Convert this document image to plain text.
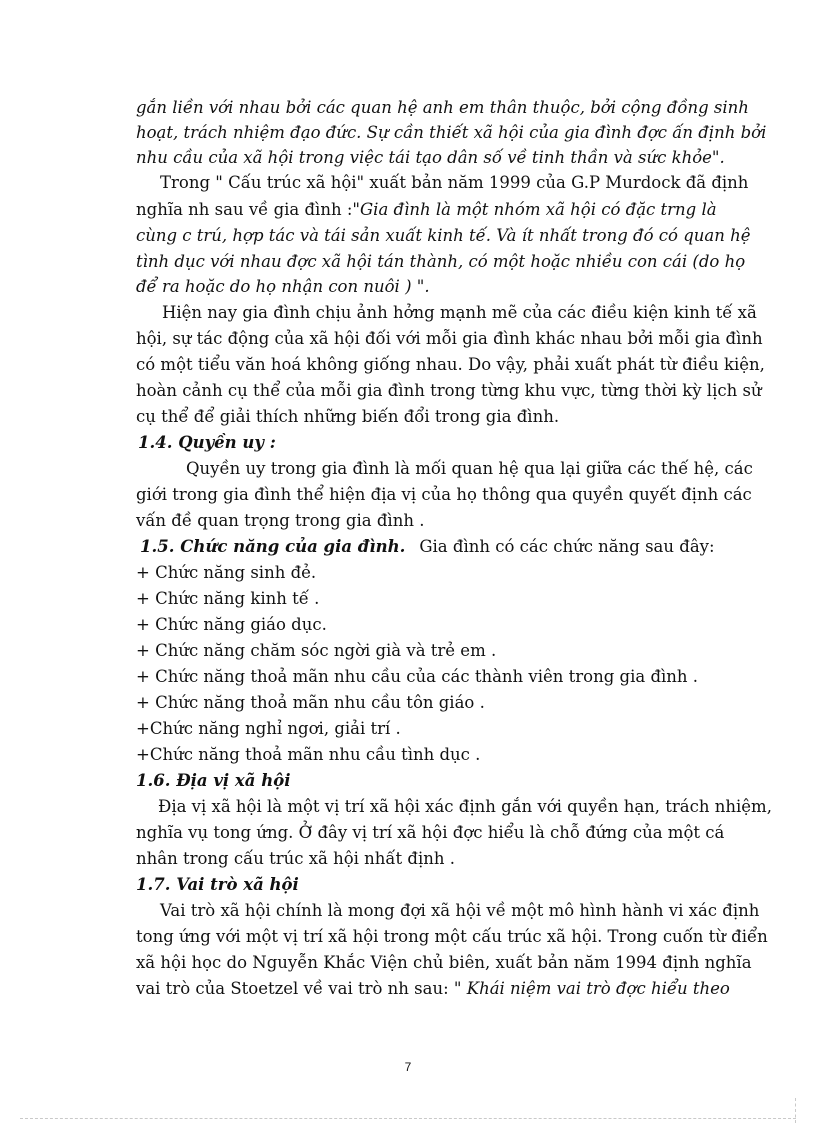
gắn liền với nhau bởi các quan hệ anh em thân thuộc, bởi cộng đồng sinh
hoạt, trách nhiệm đạo đức. Sự cần thiết xã hội của gia đình đợc ấn định bởi
nhu cầu của xã hội trong việc tái tạo dân số về tinh thần và sức khỏe".
Trong " Cấu trúc xã hội" xuất bản năm 1999 của G.P Murdock đã định
nghĩa nh sau về gia đình :"Gia đình là một nhóm xã hội có đặc trng là
cùng c trú, hợp tác và tái sản xuất kinh tế. Và ít nhất trong đó có quan hệ
tình dục với nhau đợc xã hội tán thành, có một hoặc nhiều con cái (do họ
để ra hoặc do họ nhận con nuôi ) ".
Hiện nay gia đình chịu ảnh hởng mạnh mẽ của các điều kiện kinh tế xã
hội, sự tác động của xã hội đối với mỗi gia đình khác nhau bởi mỗi gia đình
có một tiểu văn hoá không giống nhau. Do vậy, phải xuất phát từ điều kiện,
hoàn cảnh cụ thể của mỗi gia đình trong từng khu vực, từng thời kỳ lịch sử
cụ thể để giải thích những biến đổi trong gia đình.
1.4. Quyền uy :
Quyền uy trong gia đình là mối quan hệ qua lại giữa các thế hệ, các
giới trong gia đình thể hiện địa vị của họ thông qua quyền quyết định các
vấn đề quan trọng trong gia đình .
1.5. Chức năng của gia đình. Gia đình có các chức năng sau đây:
+ Chức năng sinh đẻ.
+ Chức năng kinh tế .
+ Chức năng giáo dục.
+ Chức năng chăm sóc ngời già và trẻ em .
+ Chức năng thoả mãn nhu cầu của các thành viên trong gia đình .
+ Chức năng thoả mãn nhu cầu tôn giáo .
+Chức năng nghỉ ngơi, giải trí .
+Chức năng thoả mãn nhu cầu tình dục .
1.6. Địa vị xã hội
Địa vị xã hội là một vị trí xã hội xác định gắn với quyền hạn, trách nhiệm,
nghĩa vụ tong ứng. Ở đây vị trí xã hội đợc hiểu là chỗ đứng của một cá
nhân trong cấu trúc xã hội nhất định .
1.7. Vai trò xã hội
Vai trò xã hội chính là mong đợi xã hội về một mô hình hành vi xác định
tong ứng với một vị trí xã hội trong một cấu trúc xã hội. Trong cuốn từ điển
xã hội học do Nguyễn Khắc Viện chủ biên, xuất bản năm 1994 định nghĩa
vai trò của Stoetzel về vai trò nh sau: " Khái niệm vai trò đợc hiểu theo
7
